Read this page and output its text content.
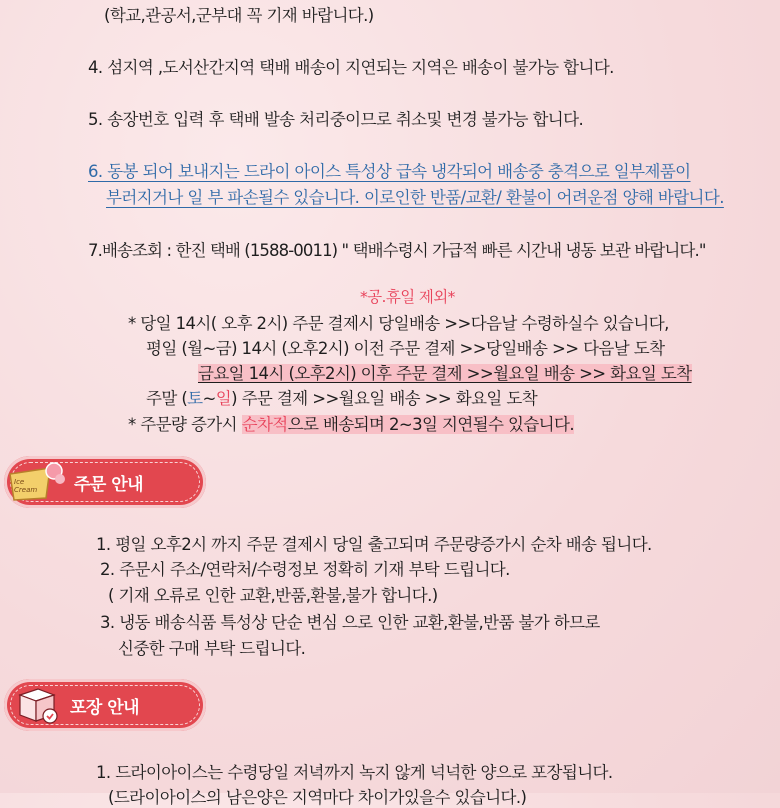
(학교,관공서,군부대 꼭 기재 바랍니다.)
4. 섬지역 ,도서산간지역 택배 배송이 지연되는 지역은 배송이 불가능 합니다.
5. 송장번호 입력 후 택배 발송 처리중이므로 취소및 변경 불가능 합니다.
6. 동봉 되어 보내지는 드라이 아이스 특성상 급속 냉각되어 배송중 충격으로 일부제품이
부러지거나 일 부 파손될수 있습니다. 이로인한 반품/교환/ 환불이 어려운점 양해 바랍니다.
7.배송조회 : 한진 택배 (1588-0011) " 택배수령시 가급적 빠른 시간내 냉동 보관 바랍니다."
*공.휴일 제외*
* 당일 14시( 오후 2시) 주문 결제시 당일배송 >>다음날 수령하실수 있습니다,
평일 (월~금) 14시 (오후2시) 이전 주문 결제 >>당일배송 >> 다음날 도착
금요일 14시 (오후2시) 이후 주문 결제 >>월요일 배송 >> 화요일 도착
주말 (토~일) 주문 결제 >>월요일 배송 >> 화요일 도착
* 주문량 증가시 순차적으로 배송되며 2~3일 지연될수 있습니다.
Ice Cream	주문 안내
1. 평일 오후2시 까지 주문 결제시 당일 출고되며 주문량증가시 순차 배송 됩니다.
2. 주문시 주소/연락처/수령정보 정확히 기재 부탁 드립니다.
( 기재 오류로 인한 교환,반품,환불,불가 합니다.)
3. 냉동 배송식품 특성상 단순 변심 으로 인한 교환,환불,반품 불가 하므로
신중한 구매 부탁 드립니다.
포장 안내
1. 드라이아이스는 수령당일 저녁까지 녹지 않게 넉넉한 양으로 포장됩니다.
(드라이아이스의 남은양은 지역마다 차이가있을수 있습니다.)
